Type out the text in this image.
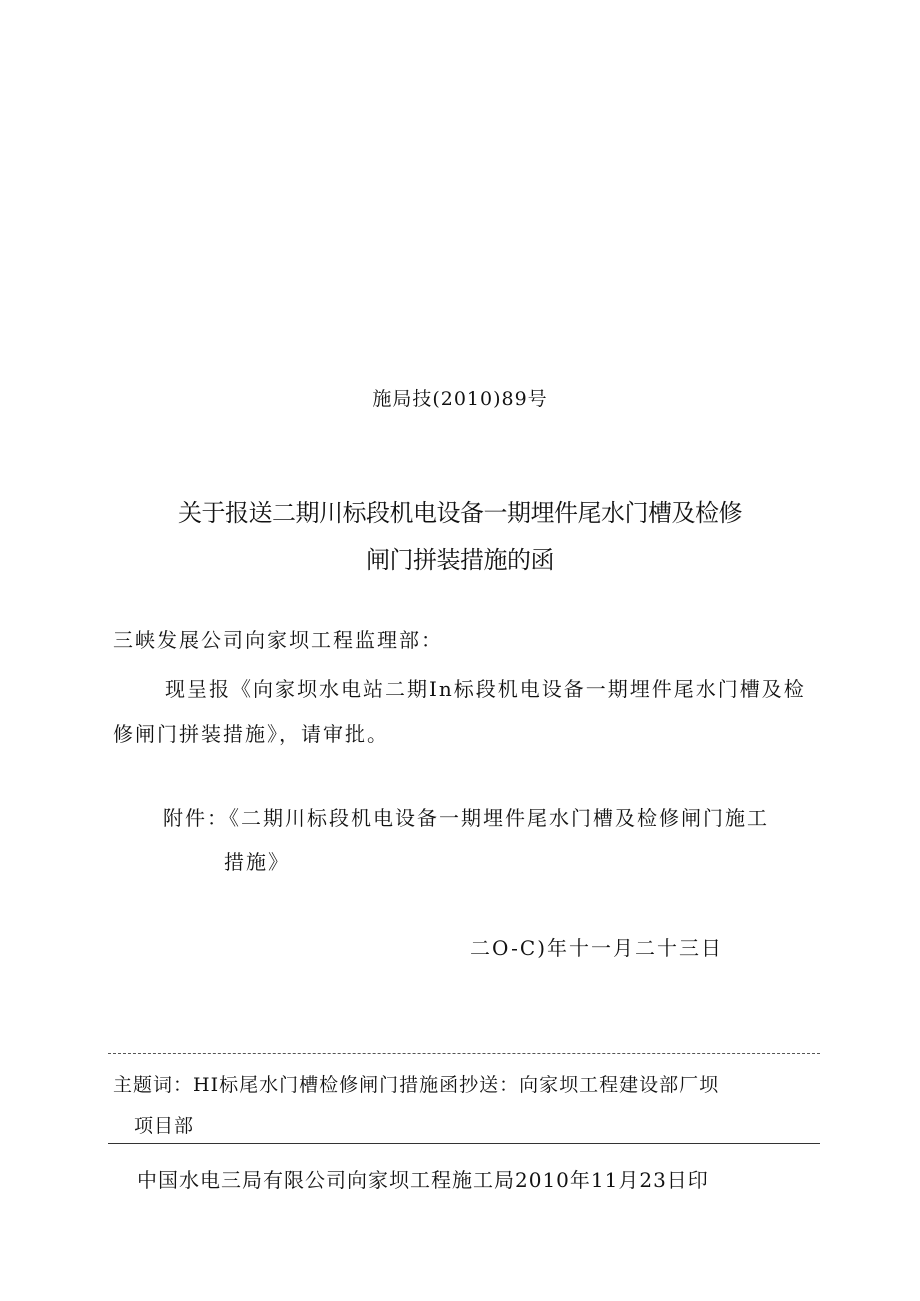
施局技(2010)89号
关于报送二期川标段机电设备一期埋件尾水门槽及检修
闸门拼装措施的函
三峡发展公司向家坝工程监理部：
现呈报《向家坝水电站二期In标段机电设备一期埋件尾水门槽及检
修闸门拼装措施》，请审批。
附件：《二期川标段机电设备一期埋件尾水门槽及检修闸门施工
措施》
二O-C)年十一月二十三日
主题词：HI标尾水门槽检修闸门措施函抄送：向家坝工程建设部厂坝
项目部
中国水电三局有限公司向家坝工程施工局2010年11月23日印
